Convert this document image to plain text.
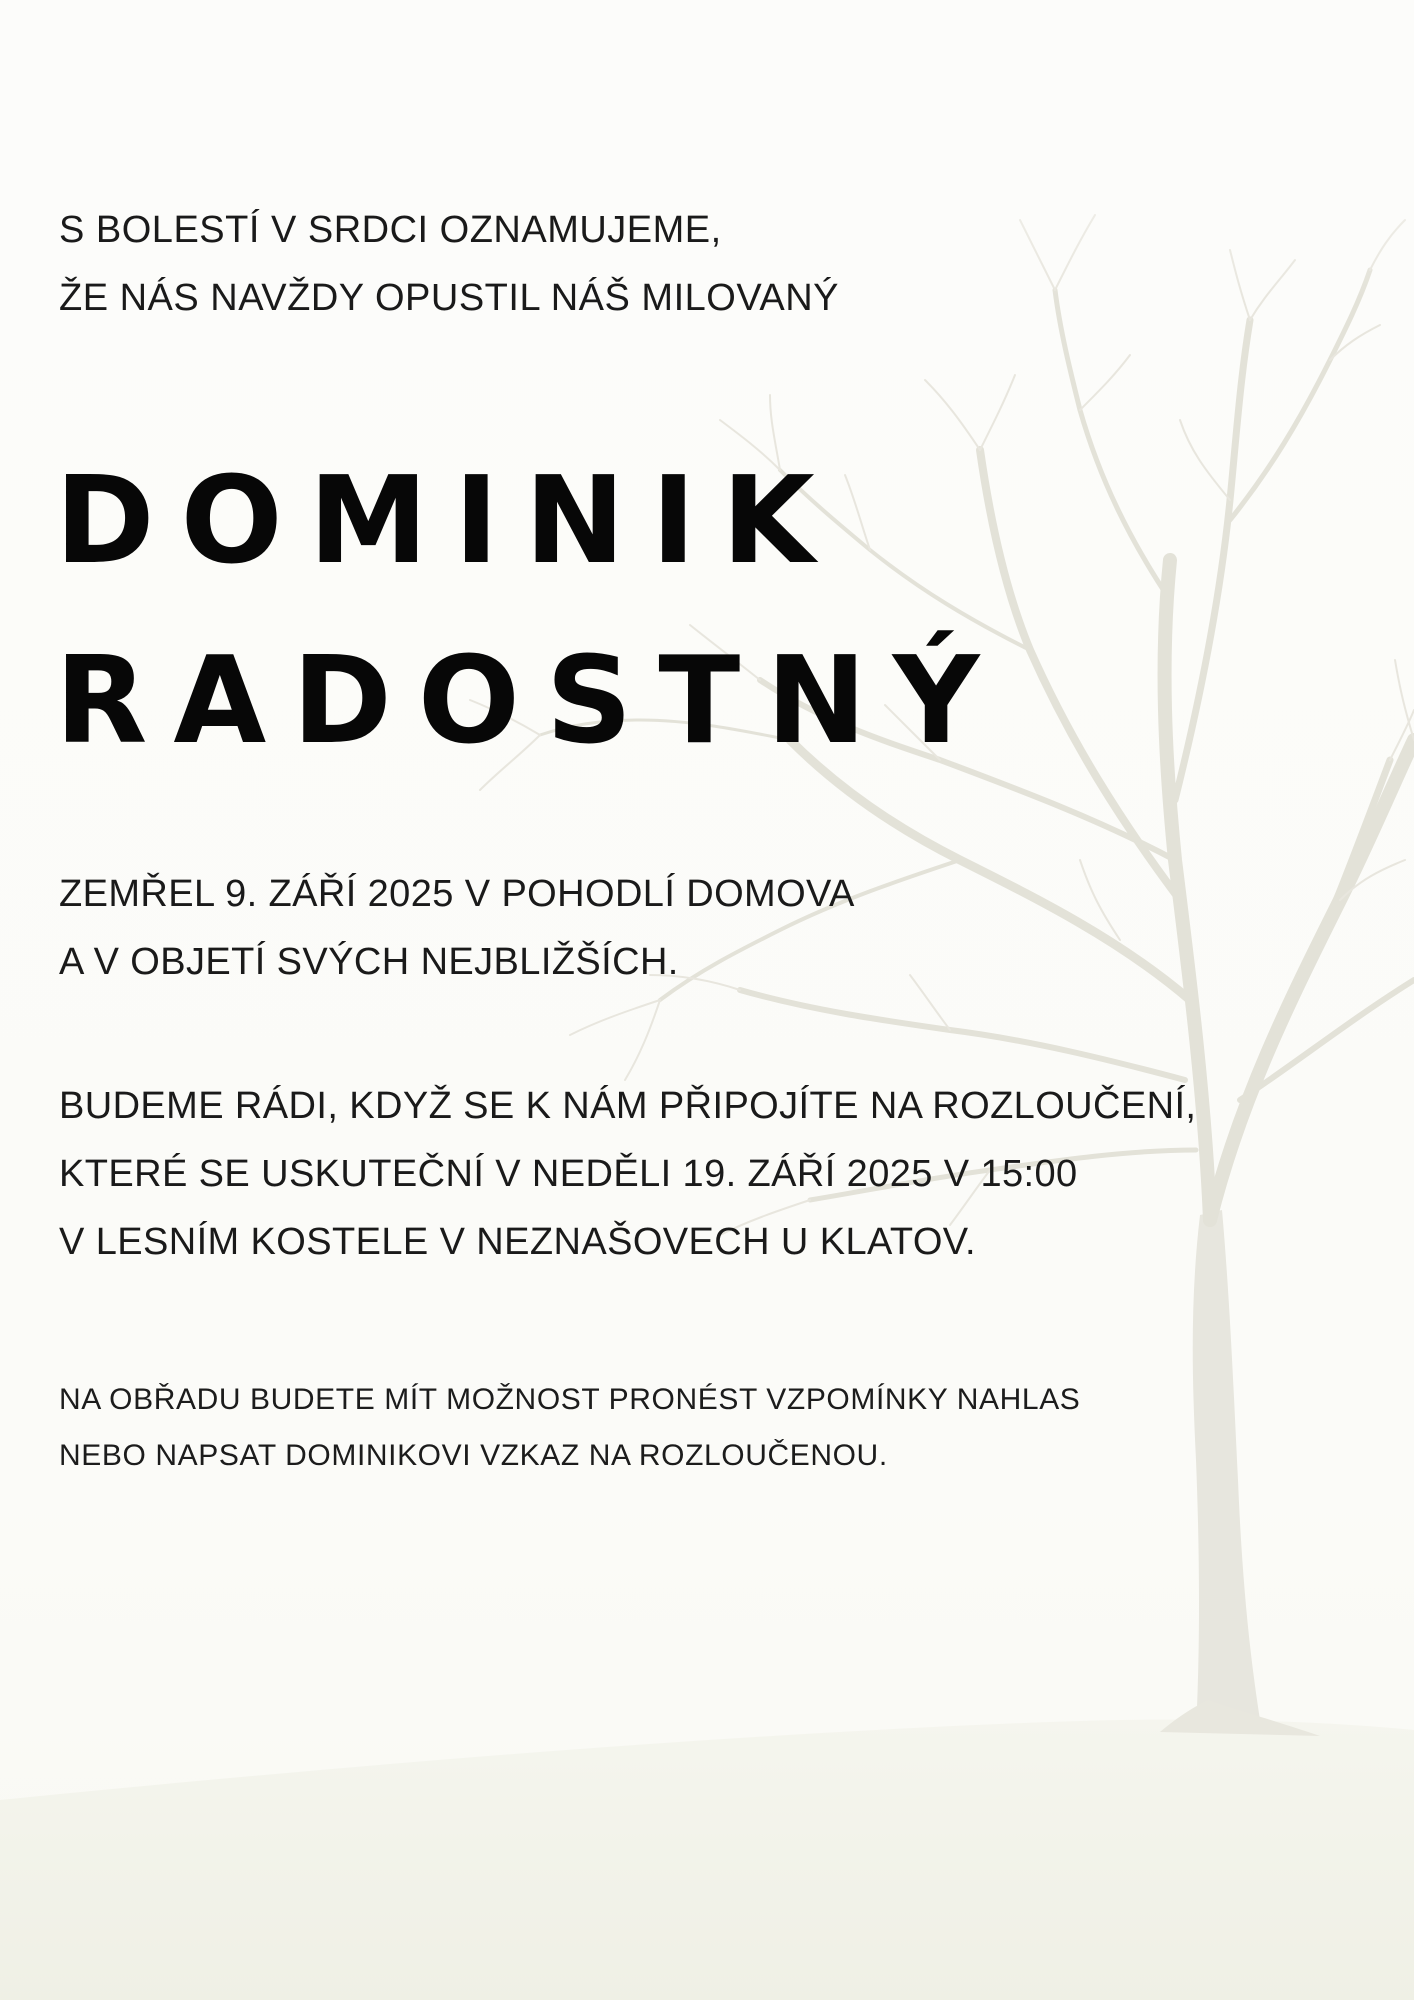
S BOLESTÍ V SRDCI OZNAMUJEME,
ŽE NÁS NAVŽDY OPUSTIL NÁŠ MILOVANÝ
DOMINIK
RADOSTNÝ
ZEMŘEL 9. ZÁŘÍ 2025 V POHODLÍ DOMOVA
A V OBJETÍ SVÝCH NEJBLIŽŠÍCH.
BUDEME RÁDI, KDYŽ SE K NÁM PŘIPOJÍTE NA ROZLOUČENÍ,
KTERÉ SE USKUTEČNÍ V NEDĚLI 19. ZÁŘÍ 2025 V 15:00
V LESNÍM KOSTELE V NEZNAŠOVECH U KLATOV.
NA OBŘADU BUDETE MÍT MOŽNOST PRONÉST VZPOMÍNKY NAHLAS
NEBO NAPSAT DOMINIKOVI VZKAZ NA ROZLOUČENOU.
